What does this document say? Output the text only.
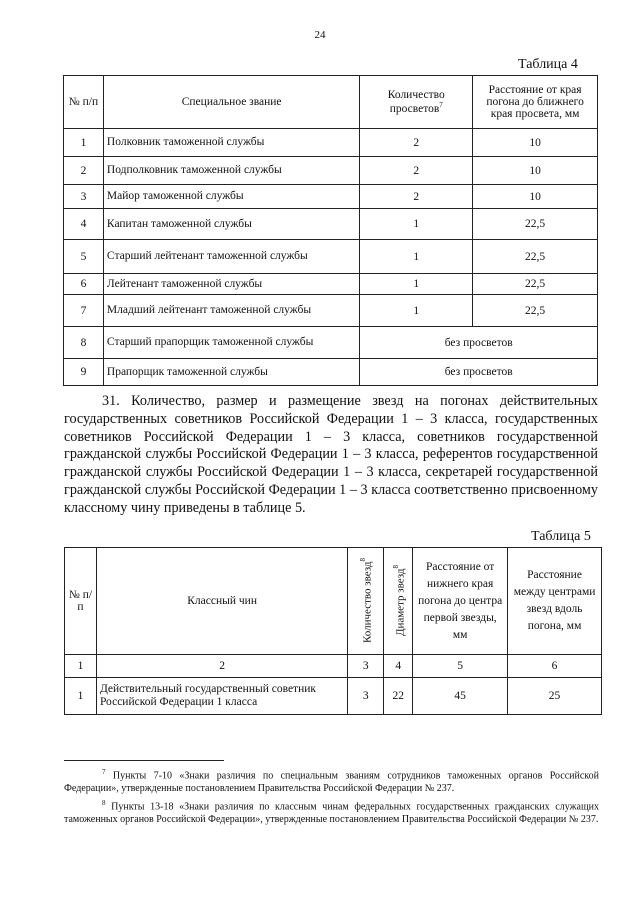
24
Таблица 4
№ п/п	Специальное звание	Количество просветов$^7$	Расстояние от края погона до ближнего края просвета, мм
1	Полковник таможенной службы	2	10
2	Подполковник таможенной службы	2	10
3	Майор таможенной службы	2	10
4	Капитан таможенной службы	1	22,5
5	Старший лейтенант таможенной службы	1	22,5
6	Лейтенант таможенной службы	1	22,5
7	Младший лейтенант таможенной службы	1	22,5
8	Старший прапорщик таможенной службы	без просветов	
9	Прапорщик таможенной службы	без просветов	
31. Количество, размер и размещение звезд на погонах действительных государственных советников Российской Федерации 1 – 3 класса, государственных советников Российской Федерации 1 – 3 класса, советников государственной гражданской службы Российской Федерации 1 – 3 класса, референтов государственной гражданской службы Российской Федерации 1 – 3 класса, секретарей государственной гражданской службы Российской Федерации 1 – 3 класса соответственно присвоенному классному чину приведены в таблице 5.
Таблица 5
№ п/п	Классный чин	Количество звезд$^8$	Диаметр звезд$^8$	Расстояние от нижнего края погона до центра первой звезды, мм	Расстояние между центрами звезд вдоль погона, мм
1	2	3	4	5	6
1	Действительный государственный советник Российской Федерации 1 класса	3	22	45	25
$^7$ Пункты 7-10 «Знаки различия по специальным званиям сотрудников таможенных органов Российской Федерации», утвержденные постановлением Правительства Российской Федерации № 237.
$^8$ Пункты 13-18 «Знаки различия по классным чинам федеральных государственных гражданских служащих таможенных органов Российской Федерации», утвержденные постановлением Правительства Российской Федерации № 237.
